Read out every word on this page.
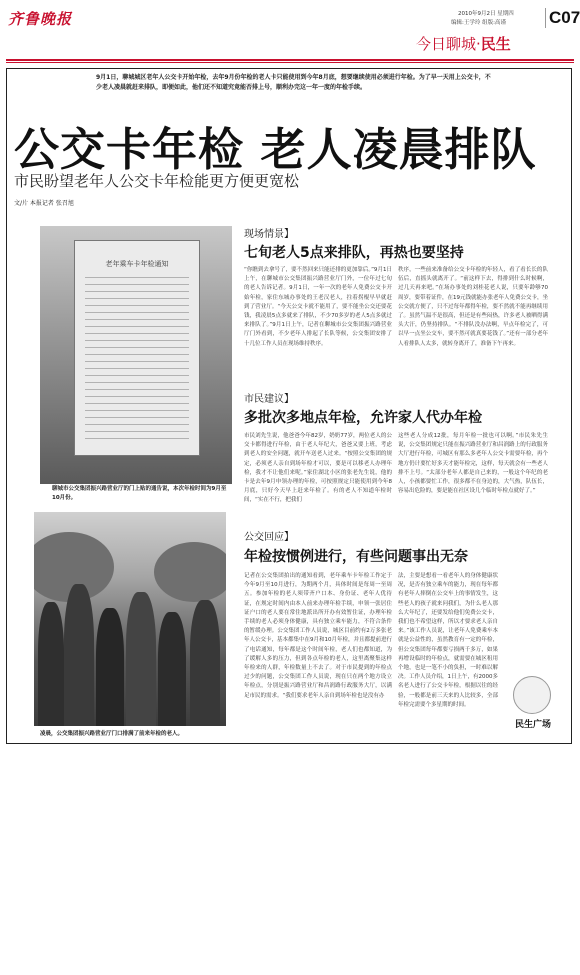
齐鲁晚报	2010年9月2日 星期四
编辑:王学玲 组版:高谨	C07
今日聊城·民生
9月1日，聊城城区老年人公交卡开始年检，去年9月份年检的老人卡只能使用到今年8月底，想要继续使用必须进行年检。为了早一天用上公交卡，不少老人凌晨就赶来排队，即便如此，他们还不知道究竟能否排上号，顺利办完这一年一度的年检手续。
公交卡年检 老人凌晨排队
市民盼望老年人公交卡年检能更方便更宽松
文/片 本报记者 张召旭
老年乘车卡年检通知
聊城市公交集团振兴路营业厅的门上贴的通告说，本次年检时间为9月至10月份。
凌晨，公交集团振兴路营业厅门口排满了前来年检的老人。
现场情景】
七旬老人5点来排队，再热也要坚持
“你瞧到去拿号了，要不然回来只能还排的更加靠后。”9月1日上午，在聊城市公交集团振兴路营业厅门外，一位年过七旬的老人告诉记者。9月1日，一年一次的老年人免费公交卡开始年检，家住东城办事处的王老汉老人，拄着拐棍早早就赶到了营业厅。“今天公交卡就不能用了，要不能坐公交还要花钱，我凌晨5点多就来了排队，不少70多岁的老人5点多就过来排队了。”9月1日上午，记者在聊城市公交集团振兴路营业厅门外看到，不少老年人排起了长队等候，公交集团安排了十几位工作人员在现场维持秩序。
秩序，一些前来准备给公交卡年检的年轻人，看了看长长的队伍后，直摇头就离开了。“前这样下去，得排到什么时候啊，过几天再来吧。”在场办事处的刘桂花老人说，只要年龄够70周岁，要带着证件，在19元钱就能办张老年人免费公交卡，坐公交就方便了，只不过每年都得年检，要不然就不能再继续用了。虽然气温不是很高，但还是有些闷热，许多老人被晒得满头大汗，仍坚持排队。“不排队没办法啊，早点年检完了，可以早一点坐公交车，要不然可就真要花钱了。”还有一部分老年人看排队人太多，就转身离开了，准备下午再来。
市民建议】
多批次多地点年检，允许家人代办年检
市民刘先生说，他爸爸今年82岁，奶奶77岁，两位老人的公交卡都得进行年检，由于老人年纪大，爸爸又要上班，考虑到老人的安全问题，就开车送老人过来。“按照公交集团的规定，必须老人亲自到场年检才可以，要是可以移老人办理年检，我才不让他们来呢。”家住湖北小区的张老先生说，他的卡是去年9月申领办理的年检，可按照规定只能使用到今年8月底，只好今天早上赶来年检了。有的老人不知道年检时间，“实在不行，把我们
这些老人分成12批，每月年检一批也可以啊。”市民朱先生说，公交集团规定只能在振兴路营业厅和昌润路上的行政服务大厅进行年检，可城区有那么多老年人公交卡需要年检，再个地方仍计要忙好多天才能年检完，这样，每天就会有一些老人排不上号。“太部分老年人都是自己来的，一般这个年纪的老人，小孩都要忙工作，很多都不在身边的，大气热，队伍长，容易出危险的，要是能在社区设几个临时年检点就好了。”
公交回应】
年检按惯例进行，有些问题事出无奈
记者在公交集团拍出的通知看到，老年乘车卡年检工作定于今年9月至10月进行，为期两个月，具体时间是每周一至周五。参加年检的老人须带齐户口本、身份证、老年人优待证，在规定时间内由本人前来办理年检手续，申领一张居住证户口的老人要在常住地派出所开办有效暂住证，办理年检手续的老人必须身体健康，具有独立乘车能力，不符合条件的暂缓办理。公交集团工作人员说，城区目前约有2万多张老年人公交卡，基本都集中在9月和10月年检，并且都提前进行了电话通知，每年都是这个时间年检，老人们也都知道，为了缓解人多的压力，但到各点年检的老人，这里离聚集这样年检来的人群，年检数量上不去了。对于市民提到的年检点过少的问题，公交集团工作人员说，现在只在两个地方设立年检点，分别是振兴路营业厅和昌润路行政服务大厅，以满足市民的需求。“我们要求老年人亲自到场年检也是没有办
法，主要是想看一看老年人的身体健康状况，是否有独立乘车的能力，现在每年都有老年人摔倒在公交车上的事情发生，这些老人的孩子就来问我们，为什么老人那么大年纪了，还要发给他们免费公交卡，我们也不希望这样，所以才要求老人亲自来。”该工作人员说，让老年人免费乘车本就是公益性的，虽然教育有一定的年检，但公交集团每年都要亏损两千多万，如果再增设临时的年检点，就需要在城区租用个地，也是一笔不小的负担，一时难以解决。工作人员介绍，1日上午，有2000多名老人进行了公交卡年检，根据以往的经验，一般都是前三天来的人比较多，全部年检完需要个多星期的时间。
民生广场
